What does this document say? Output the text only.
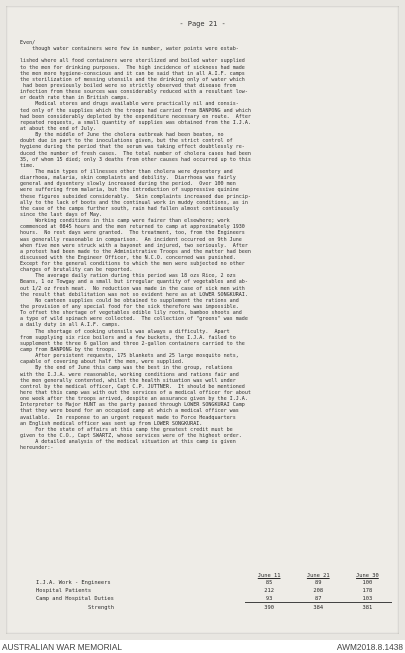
- Page 21 -
Even/
though water containers were few in number, water points were estab-
lished where all food containers were sterilized and boiled water supplied
to the men for drinking purposes.  The high incidence of sickness had made
the men more hygiene-conscious and it can be said that in all A.I.F. camps
the sterilization of messing utensils and the drinking only of water which
had been previously boiled were so strictly observed that disease from
infection from these sources was considerably reduced with a resultant low-
er death rate than in British camps.
Medical stores and drugs available were practically nil and consis-
ted only of the supplies which the troops had carried from BANPONG and which
had been considerably depleted by the expenditure necessary en route.  After
repeated requests, a small quantity of supplies was obtained from the I.J.A.
at about the end of July.
By the middle of June the cholera outbreak had been beaten, no
doubt due in part to the inoculations given, but the strict control of
hygiene during the period that the serum was taking effect doubtlessly re-
duced the number of fresh cases.  The total number of cholera cases had been
35, of whom 15 died; only 3 deaths from other causes had occurred up to this
time.
The main types of illnesses other than cholera were dysentery and
diarrhoea, malaria, skin complaints and debility.  Diarrhoea was fairly
general and dysentery slowly increased during the period.  Over 100 men
were suffering from malaria, but the introduction of suppressive quinine
these figures subsided considerably.  Skin complaints increased due princip-
ally to the lack of boots and the continual work in muddy conditions, as in
the case of the camps further south, rain had fallen almost continuously
since the last days of May.
Working conditions in this camp were fairer than elsewhere; work
commenced at 0845 hours and the men returned to camp at approximately 1930
hours.  No rest days were granted.  The treatment, too, from the Engineers
was generally reasonable in comparison.  An incident occurred on 9th June
when five men were struck with a bayonet and injured, two seriously.  After
a protest had been made to the Administrative Troops and the matter had been
discussed with the Engineer Officer, the N.C.O. concerned was punished.
Except for the general conditions to which the men were subjected no other
charges of brutality can be reported.
The average daily ration during this period was 18 ozs Rice, 2 ozs
Beans, 1 oz Towgay and a small but irregular quantity of vegetables and ab-
out 1/2 oz fresh meat.  No reduction was made in the case of sick men with
the result that debilitation was not so evident here as at LOWER SONGKURAI.
No canteen supplies could be obtained to supplement the rations and
the provision of any special food for the sick therefore was impossible.
To offset the shortage of vegetables edible lily roots, bamboo shoots and
a type of wild spinach were collected.  The collection of "greens" was made
a daily duty in all A.I.F. camps.
The shortage of cooking utensils was always a difficulty.  Apart
from supplying six rice boilers and a few buckets, the I.J.A. failed to
supplement the three 6 gallon and three 2-gallon containers carried to the
camp from BANPONG by the troops.
After persistent requests, 175 blankets and 25 large mosquito nets,
capable of covering about half the men, were supplied.
By the end of June this camp was the best in the group, relations
with the I.J.A. were reasonable, working conditions and rations fair and
the men generally contented, whilst the health situation was well under
control by the medical officer, Capt C.P. JUTTNER.  It should be mentioned
here that this camp was with out the services of a medical officer for about
one week after the troops arrived, despite an assurance given by the I.J.A.
Interpreter to Major HUNT as the party passed through LOWER SONGKURAI Camp
that they were bound for an occupied camp at which a medical officer was
available.  In response to an urgent request made to Force Headquarters
an English medical officer was sent up from LOWER SONGKURAI.
For the state of affairs at this camp the greatest credit must be
given to the C.O., Capt SWARTZ, whose services were of the highest order.
A detailed analysis of the medical situation at this camp is given
hereunder:-
	June 11	June 21	June 30
I.J.A. Work - Engineers	85	89	100
Hospital Patients	212	208	178
Camp and Hospital Duties	93	87	103
Strength	390	384	381
AUSTRALIAN WAR MEMORIAL	AWM2018.8.1438
